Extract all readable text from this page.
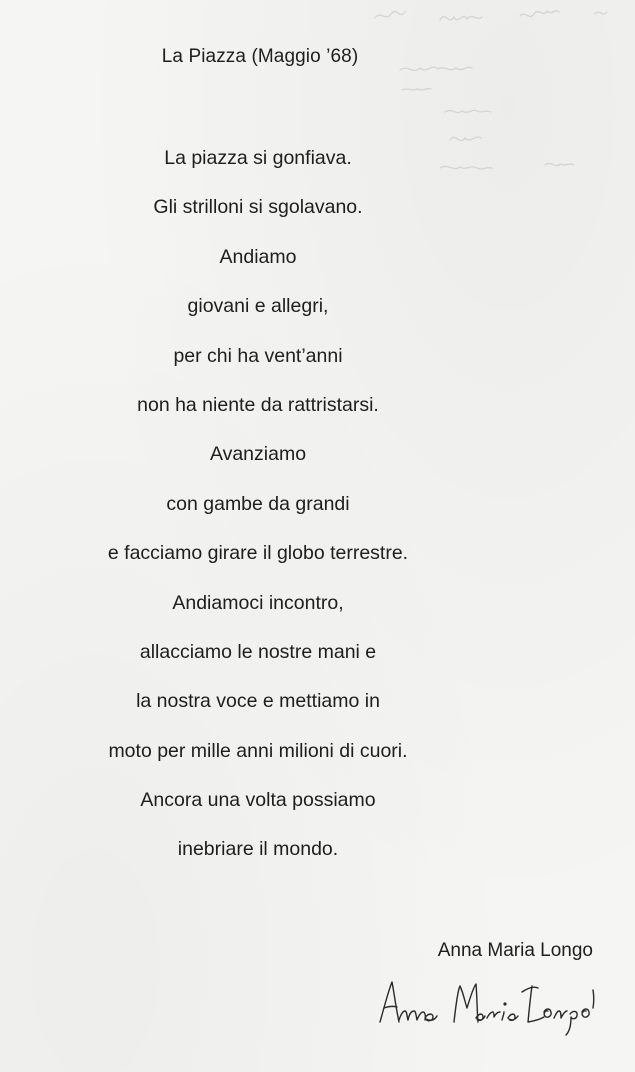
La Piazza (Maggio ’68)
La piazza si gonfiava.
Gli strilloni si sgolavano.
Andiamo
giovani e allegri,
per chi ha vent’anni
non ha niente da rattristarsi.
Avanziamo
con gambe da grandi
e facciamo girare il globo terrestre.
Andiamoci incontro,
allacciamo le nostre mani e
la nostra voce e mettiamo in
moto per mille anni milioni di cuori.
Ancora una volta possiamo
inebriare il mondo.
Anna Maria Longo
